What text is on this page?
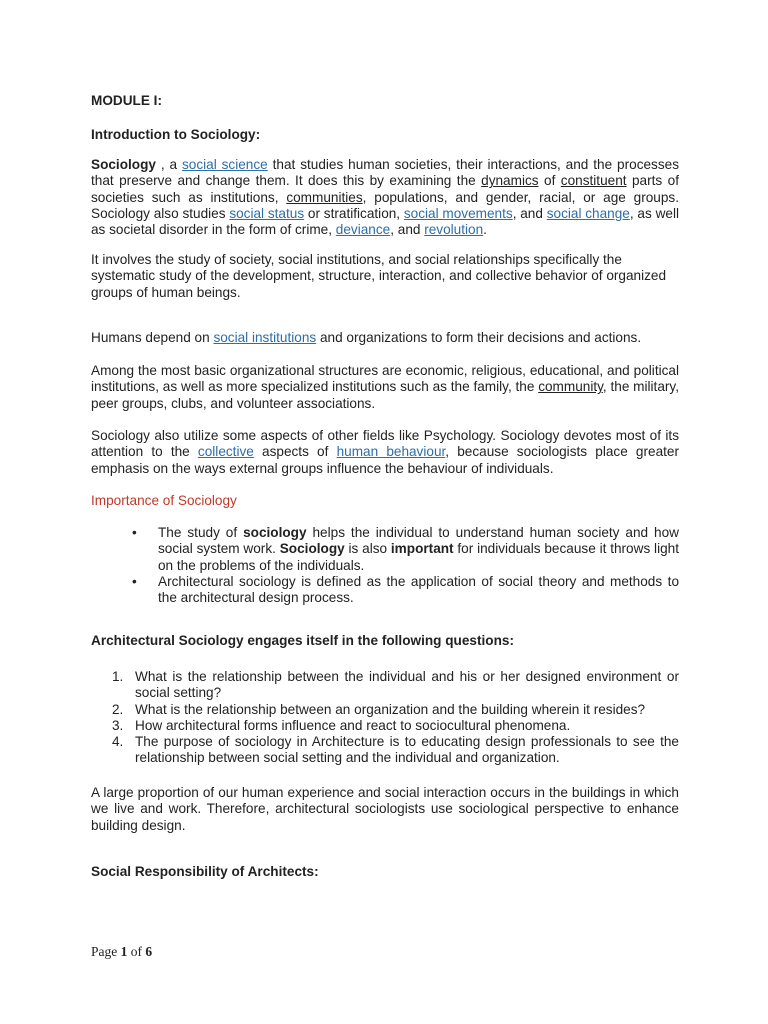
MODULE I:

Introduction to Sociology:

Sociology , a social science that studies human societies, their interactions, and the processes that preserve and change them. It does this by examining the dynamics of constituent parts of societies such as institutions, communities, populations, and gender, racial, or age groups. Sociology also studies social status or stratification, social movements, and social change, as well as societal disorder in the form of crime, deviance, and revolution.

It involves the study of society, social institutions, and social relationships specifically the systematic study of the development, structure, interaction, and collective behavior of organized groups of human beings.

Humans depend on social institutions and organizations to form their decisions and actions.

Among the most basic organizational structures are economic, religious, educational, and political institutions, as well as more specialized institutions such as the family, the community, the military, peer groups, clubs, and volunteer associations.

Sociology also utilize some aspects of other fields like Psychology. Sociology devotes most of its attention to the collective aspects of human behaviour, because sociologists place greater emphasis on the ways external groups influence the behaviour of individuals.

Importance of Sociology

• The study of sociology helps the individual to understand human society and how social system work. Sociology is also important for individuals because it throws light on the problems of the individuals.
• Architectural sociology is defined as the application of social theory and methods to the architectural design process.

Architectural Sociology engages itself in the following questions:

1. What is the relationship between the individual and his or her designed environment or social setting?
2. What is the relationship between an organization and the building wherein it resides?
3. How architectural forms influence and react to sociocultural phenomena.
4. The purpose of sociology in Architecture is to educating design professionals to see the relationship between social setting and the individual and organization.

A large proportion of our human experience and social interaction occurs in the buildings in which we live and work. Therefore, architectural sociologists use sociological perspective to enhance building design.

Social Responsibility of Architects:

Page 1 of 6
